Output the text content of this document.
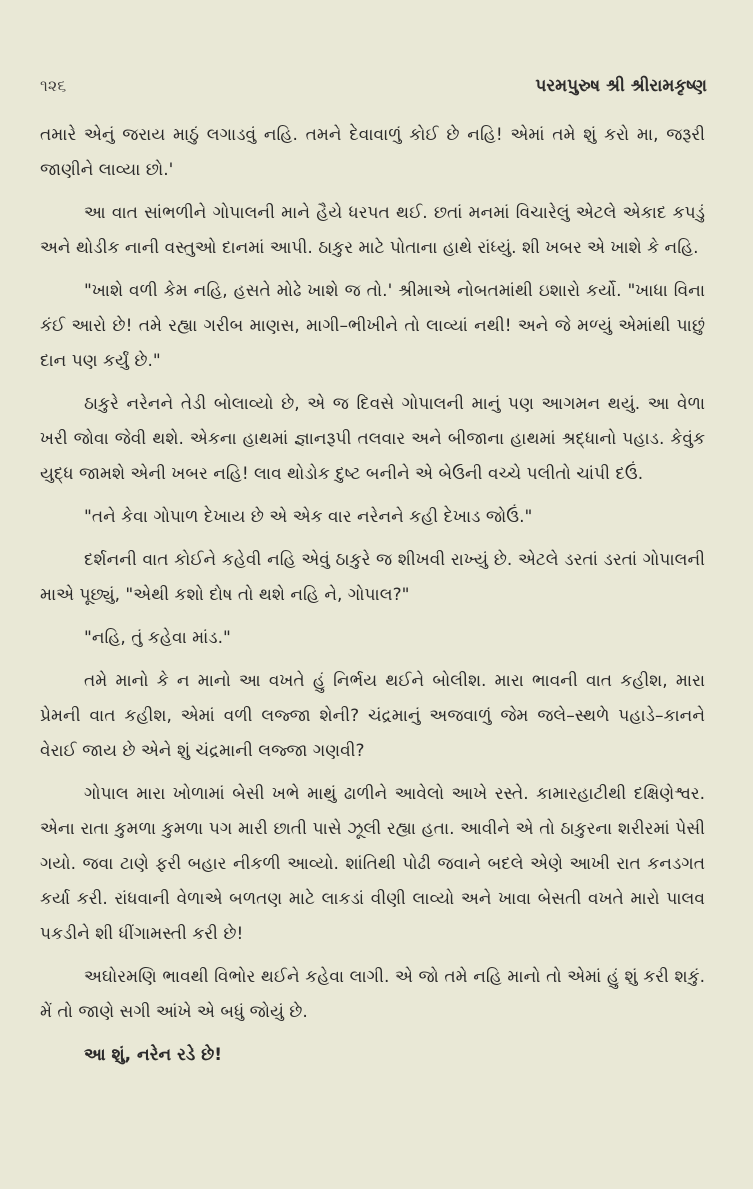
૧૨૬	પરમપુરુષ શ્રી શ્રીરામકૃષ્ણ

તમારે એનું જરાય માઠું લગાડવું નહિ. તમને દેવાવાળું કોઈ છે નહિ! એમાં તમે શું કરો મા, જરૂરી જાણીને લાવ્યા છો.'

આ વાત સાંભળીને ગોપાલની માને હૈયે ધરપત થઈ. છતાં મનમાં વિચારેલું એટલે એકાદ કપડું અને થોડીક નાની વસ્તુઓ દાનમાં આપી. ઠાકુર માટે પોતાના હાથે રાંધ્યું. શી ખબર એ ખાશે કે નહિ.

"ખાશે વળી કેમ નહિ, હસતે મોઢે ખાશે જ તો.' શ્રીમાએ નોબતમાંથી ઇશારો કર્યો. "ખાધા વિના કંઈ આરો છે! તમે રહ્યા ગરીબ માણસ, માગી–ભીખીને તો લાવ્યાં નથી! અને જે મળ્યું એમાંથી પાછું દાન પણ કર્યું છે."

ઠાકુરે નરેનને તેડી બોલાવ્યો છે, એ જ દિવસે ગોપાલની માનું પણ આગમન થયું. આ વેળા ખરી જોવા જેવી થશે. એકના હાથમાં જ્ઞાનરૂપી તલવાર અને બીજાના હાથમાં શ્રદ્ધાનો પહાડ. કેવુંક યુદ્ધ જામશે એની ખબર નહિ! લાવ થોડોક દુષ્ટ બનીને એ બેઉની વચ્ચે પલીતો ચાંપી દઉં.

"તને કેવા ગોપાળ દેખાય છે એ એક વાર નરેનને કહી દેખાડ જોઉં."

દર્શનની વાત કોઈને કહેવી નહિ એવું ઠાકુરે જ શીખવી રાખ્યું છે. એટલે ડરતાં ડરતાં ગોપાલની માએ પૂછ્યું, "એથી કશો દોષ તો થશે નહિ ને, ગોપાલ?"

"નહિ, તું કહેવા માંડ."

તમે માનો કે ન માનો આ વખતે હું નિર્ભય થઈને બોલીશ. મારા ભાવની વાત કહીશ, મારા પ્રેમની વાત કહીશ, એમાં વળી લજ્જા શેની? ચંદ્રમાનું અજવાળું જેમ જલે–સ્થળે પહાડે–કાનને વેરાઈ જાય છે એને શું ચંદ્રમાની લજ્જા ગણવી?

ગોપાલ મારા ખોળામાં બેસી ખભે માથું ઢાળીને આવેલો આખે રસ્તે. કામારહાટીથી દક્ષિણેશ્વર. એના રાતા કુમળા કુમળા પગ મારી છાતી પાસે ઝૂલી રહ્યા હતા. આવીને એ તો ઠાકુરના શરીરમાં પેસી ગયો. જવા ટાણે ફરી બહાર નીકળી આવ્યો. શાંતિથી પોઢી જવાને બદલે એણે આખી રાત કનડગત કર્યા કરી. રાંધવાની વેળાએ બળતણ માટે લાકડાં વીણી લાવ્યો અને ખાવા બેસતી વખતે મારો પાલવ પકડીને શી ધીંગામસ્તી કરી છે!

અઘોરમણિ ભાવથી વિભોર થઈને કહેવા લાગી. એ જો તમે નહિ માનો તો એમાં હું શું કરી શકું. મેં તો જાણે સગી આંખે એ બધું જોયું છે.

આ શું, નરેન રડે છે!
